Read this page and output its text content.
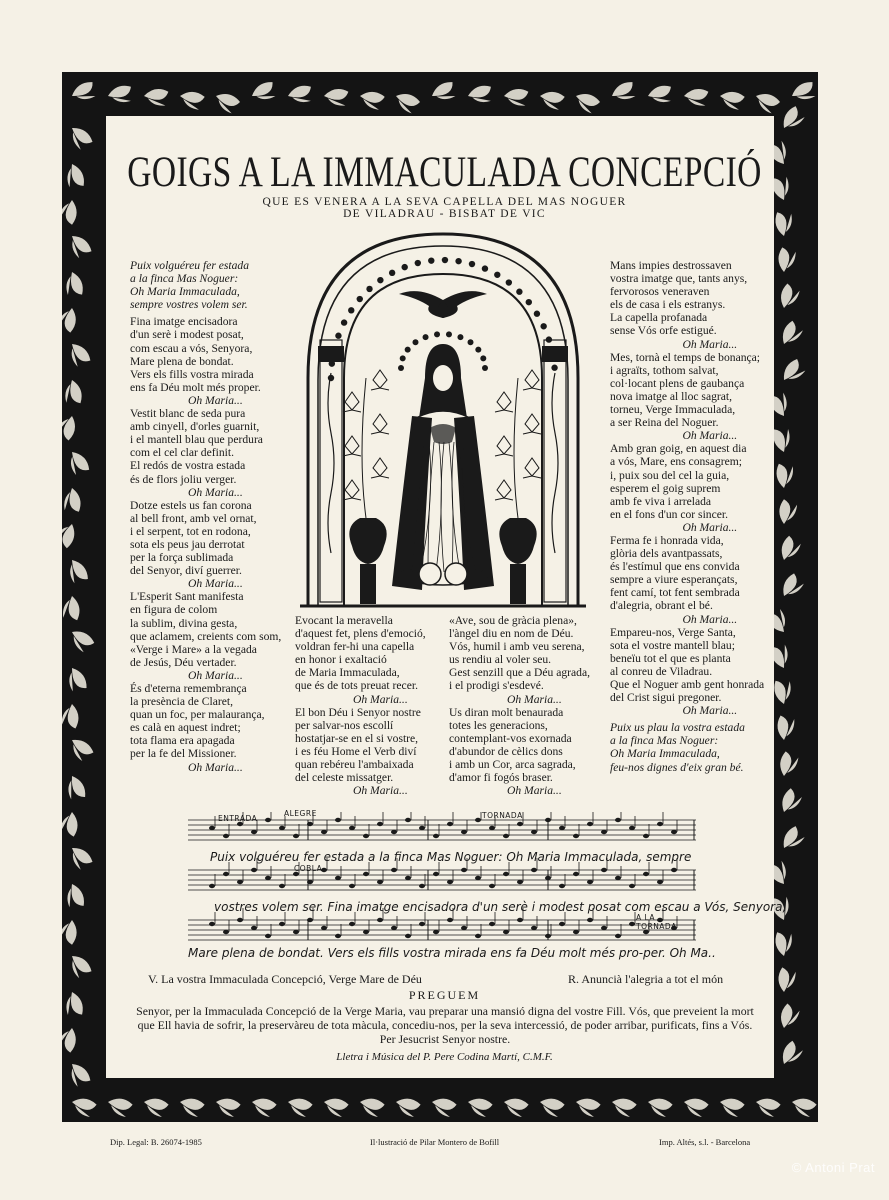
GOIGS A LA IMMACULADA CONCEPCIÓ
QUE ES VENERA A LA SEVA CAPELLA DEL MAS NOGUER
DE VILADRAU - BISBAT DE VIC
Puix volguéreu fer estada
a la finca Mas Noguer:
Oh Maria Immaculada,
sempre vostres volem ser.

Fina imatge encisadora
d'un serè i modest posat,
com escau a vós, Senyora,
Mare plena de bondat.
Vers els fills vostra mirada
ens fa Déu molt més proper.
Oh Maria...
Vestit blanc de seda pura
amb cinyell, d'orles guarnit,
i el mantell blau que perdura
com el cel clar definit.
El redós de vostra estada
és de flors joliu verger.
Oh Maria...
Dotze estels us fan corona
al bell front, amb vel ornat,
i el serpent, tot en rodona,
sota els peus jau derrotat
per la força sublimada
del Senyor, diví guerrer.
Oh Maria...
L'Esperit Sant manifesta
en figura de colom
la sublim, divina gesta,
que aclamem, creients com som,
«Verge i Mare» a la vegada
de Jesús, Déu vertader.
Oh Maria...
És d'eterna remembrança
la presència de Claret,
quan un foc, per malaurança,
es calà en aquest indret;
tota flama era apagada
per la fe del Missioner.
Oh Maria...
Evocant la meravella
d'aquest fet, plens d'emoció,
voldran fer-hi una capella
en honor i exaltació
de Maria Immaculada,
que és de tots preuat recer.
Oh Maria...
El bon Déu i Senyor nostre
per salvar-nos escollí
hostatjar-se en el si vostre,
i es féu Home el Verb diví
quan rebéreu l'ambaixada
del celeste missatger.
Oh Maria...
«Ave, sou de gràcia plena»,
l'àngel diu en nom de Déu.
Vós, humil i amb veu serena,
us rendiu al voler seu.
Gest senzill que a Déu agrada,
i el prodigi s'esdevé.
Oh Maria...
Us diran molt benaurada
totes les generacions,
contemplant-vos exornada
d'abundor de cèlics dons
i amb un Cor, arca sagrada,
d'amor fi fogós braser.
Oh Maria...
Mans impies destrossaven
vostra imatge que, tants anys,
fervorosos veneraven
els de casa i els estranys.
La capella profanada
sense Vós orfe estigué.
Oh Maria...
Mes, tornà el temps de bonança;
i agraïts, tothom salvat,
col·locant plens de gaubança
nova imatge al lloc sagrat,
torneu, Verge Immaculada,
a ser Reina del Noguer.
Oh Maria...
Amb gran goig, en aquest dia
a vós, Mare, ens consagrem;
i, puix sou del cel la guia,
esperem el goig suprem
amb fe viva i arrelada
en el fons d'un cor sincer.
Oh Maria...
Ferma fe i honrada vida,
glòria dels avantpassats,
és l'estímul que ens convida
sempre a viure esperançats,
fent camí, tot fent sembrada
d'alegria, obrant el bé.
Oh Maria...
Empareu-nos, Verge Santa,
sota el vostre mantell blau;
beneïu tot el que es planta
al conreu de Viladrau.
Que el Noguer amb gent honrada
del Crist sigui pregoner.
Oh Maria...

Puix us plau la vostra estada
a la finca Mas Noguer:
Oh Maria Immaculada,
feu-nos dignes d'eix gran bé.
ENTRADA
ALEGRE	TORNADA
COBLA
A LA TORNADA
Puix volguéreu fer estada a la finca Mas Noguer: Oh Maria Immaculada, sempre
vostres volem ser. Fina imatge encisadora d'un serè i modest posat com escau a Vós, Senyora,
Mare plena de bondat. Vers els fills vostra mirada ens fa Déu molt més pro-per. Oh Ma..
V. La vostra Immaculada Concepció, Verge Mare de Déu	R. Anuncià l'alegria a tot el món
PREGUEM
Senyor, per la Immaculada Concepció de la Verge Maria, vau preparar una mansió digna del vostre Fill. Vós, que preveient la mort que Ell havia de sofrir, la preservàreu de tota màcula, concediu-nos, per la seva intercessió, de poder arribar, purificats, fins a Vós. Per Jesucrist Senyor nostre.
Lletra i Música del P. Pere Codina Martí, C.M.F.
Dip. Legal: B. 26074-1985	Il·lustració de Pilar Montero de Bofill	Imp. Altés, s.l. - Barcelona
© Antoni Prat
